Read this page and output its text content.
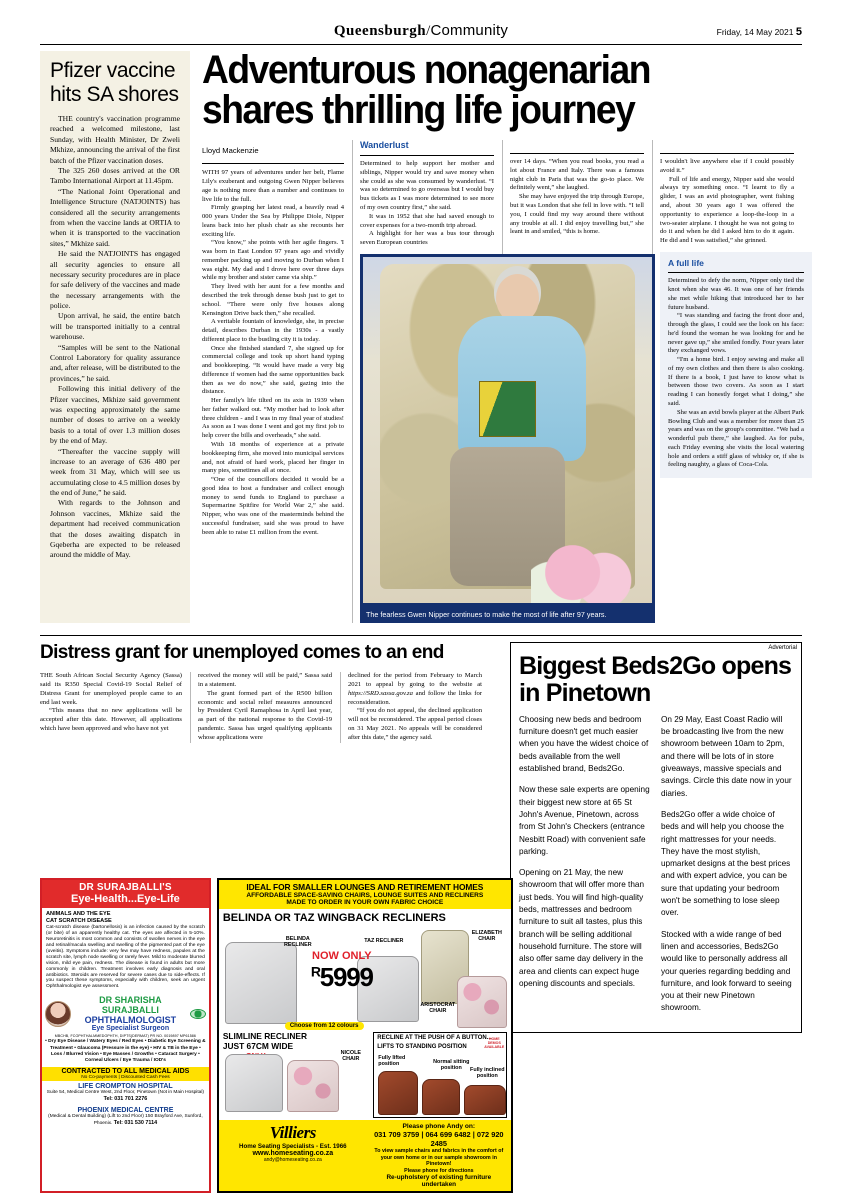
Queensburgh/Community	Friday, 14 May 2021 5
Pfizer vaccine hits SA shores

THE country's vaccination programme reached a welcomed milestone, last Sunday, with Health Minister, Dr Zweli Mkhize, announcing the arrival of the first batch of the Pfizer vaccination doses.

The 325 260 doses arrived at the OR Tambo International Airport at 11.45pm.

“The National Joint Operational and Intelligence Structure (NATJOINTS) has considered all the security arrangements from when the vaccine lands at ORTIA to when it is transported to the vaccination sites,” Mkhize said.

He said the NATJOINTS has engaged all security agencies to ensure all necessary security procedures are in place for safe delivery of the vaccines and made the necessary arrangements with the police.

Upon arrival, he said, the entire batch will be transported initially to a central warehouse.

“Samples will be sent to the National Control Laboratory for quality assurance and, after release, will be distributed to the provinces,” he said.

Following this initial delivery of the Pfizer vaccines, Mkhize said government was expecting approximately the same number of doses to arrive on a weekly basis to a total of over 1.3 million doses by the end of May.

“Thereafter the vaccine supply will increase to an average of 636 480 per week from 31 May, which will see us accumulating close to 4.5 million doses by the end of June,” he said.

With regards to the Johnson and Johnson vaccines, Mkhize said the department had received communication that the doses awaiting dispatch in Gqeberha are expected to be released around the middle of May.

Adventurous nonagenarian shares thrilling life journey
Lloyd Mackenzie

WITH 97 years of adventures under her belt, Flame Lily's exuberant and outgoing Gwen Nipper believes age is nothing more than a number and continues to live life to the full.

Firmly grasping her latest read, a heavily read 4 000 years Under the Sea by Philippe Diole, Nipper leans back into her plush chair as she recounts her exciting life.

“You know,” she points with her agile fingers. 'I was born in East London 97 years ago and vividly remember packing up and moving to Durban when I was eight. My dad and I drove here over three days while my brother and sister came via ship.”

They lived with her aunt for a few months and described the trek through dense bush just to get to school. “There were only five houses along Kensington Drive back then,” she recalled.

A veritable fountain of knowledge, she, in precise detail, describes Durban in the 1930s - a vastly different place to the bustling city it is today.

Once she finished standard 7, she signed up for commercial college and took up short hand typing and bookkeeping. “It would have made a very big difference if women had the same opportunities back then as we do now,” she said, gazing into the distance.

Her family's life tilted on its axis in 1939 when her father walked out. “My mother had to look after three children - and I was in my final year of studies! As soon as I was done I went and got my first job to help cover the bills and overheads,” she said.

With 18 months of experience at a private bookkeeping firm, she moved into municipal services and, not afraid of hard work, placed her finger in many pies, sometimes all at once.

“One of the councillors decided it would be a good idea to host a fundraiser and collect enough money to send funds to England to purchase a Supermarine Spitfire for World War 2,” she said. Nipper, who was one of the masterminds behind the successful fundraiser, said she was proud to have been able to raise £1 million from the event.

Wanderlust

Determined to help support her mother and siblings, Nipper would try and save money when she could as she was consumed by wanderlust. “I was so determined to go overseas but I would buy bus tickets as I was more determined to see more of my own country first,” she said.

It was in 1952 that she had saved enough to cover expenses for a two-month trip abroad.

A highlight for her was a bus tour through seven European countries

The fearless Gwen Nipper continues to make the most of life after 97 years.

over 14 days. “When you read books, you read a lot about France and Italy. There was a famous night club in Paris that was the go-to place. We definitely went,” she laughed.

She may have enjoyed the trip through Europe, but it was London that she fell in love with. “I tell you, I could find my way around there without any trouble at all. I did enjoy travelling but,” she leant in and smiled, “this is home.

I wouldn't live anywhere else if I could possibly avoid it.”

Full of life and energy, Nipper said she would always try something once. “I learnt to fly a glider, I was an avid photographer, went fishing and, about 30 years ago I was offered the opportunity to experience a loop-the-loop in a two-seater airplane. I thought he was not going to do it and when he did I asked him to do it again. He did and I was satisfied,” she grinned.

A full life

Determined to defy the norm, Nipper only tied the knot when she was 46. It was one of her friends she met while hiking that introduced her to her future husband.

“I was standing and facing the front door and, through the glass, I could see the look on his face: he'd found the woman he was looking for and he never gave up,” she smiled fondly. Four years later they exchanged vows.

“I'm a home bird. I enjoy sewing and make all of my own clothes and then there is also cooking. If there is a book, I just have to know what is between those two covers. As soon as I start reading I can honestly forget what I doing,” she said.

She was an avid bowls player at the Albert Park Bowling Club and was a member for more than 25 years and was on the group's committee. “We had a wonderful pub there,” she laughed. As for pubs, each Friday evening she visits the local watering hole and orders a stiff glass of whisky or, if she is feeling naughty, a glass of Coca-Cola.

Distress grant for unemployed comes to an end

THE South African Social Security Agency (Sassa) said its R350 Special Covid-19 Social Relief of Distress Grant for unemployed people came to an end last week.

“This means that no new applications will be accepted after this date. However, all applications which have been approved and who have not yet

received the money will still be paid,” Sassa said in a statement.

The grant formed part of the R500 billion economic and social relief measures announced by President Cyril Ramaphosa in April last year, as part of the national response to the Covid-19 pandemic. Sassa has urged qualifying applicants whose applications were

declined for the period from February to March 2021 to appeal by going to the website at https://SRD.sassa.gov.za and follow the links for reconsideration.

“If you do not appeal, the declined application will not be reconsidered. The appeal period closes on 31 May 2021. No appeals will be considered after this date,” the agency said.

Advertorial
Biggest Beds2Go opens in Pinetown

Choosing new beds and bedroom furniture doesn't get much easier when you have the widest choice of beds available from the well established brand, Beds2Go.

Now these sale experts are opening their biggest new store at 65 St John's Avenue, Pinetown, across from St John's Checkers (entrance Nesbitt Road) with convenient safe parking.

Opening on 21 May, the new showroom that will offer more than just beds. You will find high-quality beds, mattresses and bedroom furniture to suit all tastes, plus this branch will be selling additional household furniture. The store will also offer same day delivery in the area and clients can expect huge opening discounts and specials.

On 29 May, East Coast Radio will be broadcasting live from the new showroom between 10am to 2pm, and there will be lots of in store giveaways, massive specials and savings. Circle this date now in your diaries.

Beds2Go offer a wide choice of beds and will help you choose the right mattresses for your needs. They have the most stylish, upmarket designs at the best prices and with expert advice, you can be sure that updating your bedroom won't be something to lose sleep over.

Stocked with a wide range of bed linen and accessories, Beds2Go would like to personally address all your queries regarding bedding and furniture, and look forward to seeing you at their new Pinetown showroom.

DR SURAJBALLI'S
Eye-Health...Eye-Life
ANIMALS AND THE EYE
CAT SCRATCH DISEASE
Cat-scratch disease (bartonellosis) is an infection caused by the scratch (or bite) of an apparently healthy cat. The eyes are affected in 5-10%. Neuroretinitis is most common and consists of swollen nerves in the eye and retinal/macula swelling and swelling of the pigmented part of the eye (uveitis). Symptoms include: very few may have redness, papules at the scratch site, lymph node swelling or rarely fever. Mild to moderate blurred vision, mild eye pain, redness. The disease is found in adults but more commonly in children. Treatment involves early diagnosis and oral antibiotics. Steroids are reserved for severe cases due to side-effects. If you suspect these symptoms, especially with children, seek an urgent Ophthalmologist eye assessment.
DR SHARISHA SURAJBALLI
OPHTHALMOLOGIST
Eye Specialist Surgeon
MBCHB, FCOPHTHALMMEDOPHTH, DIPTS(DERMAT) PR NO. 0019897 MP61586
• Dry Eye Disease / Watery Eyes / Red Eyes • Diabetic Eye Screening & Treatment • Glaucoma (Pressure in the eye) • HIV & TB in the Eye • Loss / Blurred Vision • Eye Masses / Growths • Cataract Surgery • Corneal Ulcers / Eye Trauma / IOD's
CONTRACTED TO ALL MEDICAL AIDS
No Co-payments | Discounted Cash Fees
LIFE CROMPTON HOSPITAL
Suite 54, Medical Centre West, 2nd Floor, Pinetown (Not in Main Hospital) Tel: 031 701 2276
PHOENIX MEDICAL CENTRE
(Medical & Dental Building) (Lift to 2nd Floor) 150 Brayford Ave, Sunford, Phoenix. Tel: 031 530 7114
IDEAL FOR SMALLER LOUNGES AND RETIREMENT HOMES
AFFORDABLE SPACE-SAVING CHAIRS, LOUNGE SUITES AND RECLINERS
MADE TO ORDER IN YOUR OWN FABRIC CHOICE
BELINDA OR TAZ WINGBACK RECLINERS
BELINDA RECLINER
TAZ RECLINER
ELIZABETH CHAIR
ARISTOCRAT CHAIR
NOW ONLY
$^R$5999
Choose from 12 colours
SLIMLINE RECLINER
JUST 67CM WIDE
NICOLE CHAIR
RECLINE AT THE PUSH OF A BUTTON...
LIFTS TO STANDING POSITION
Fully lifted position	Normal sitting position	Fully inclined position
HOME DEMOS AVAILABLE
Villiers
Home Seating Specialists - Est. 1966
www.homeseating.co.za
andy@homeseating.co.za
Please phone Andy on:
031 709 3759 | 064 699 6482 | 072 920 2485
To view sample chairs and fabrics in the comfort of your own home or in our sample showroom in Pinetown!
Please phone for directions
Re-upholstery of existing furniture undertaken
